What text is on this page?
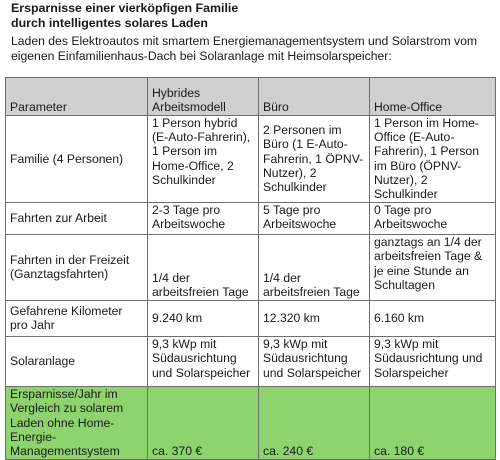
Ersparnisse einer vierköpfigen Familie
durch intelligentes solares Laden
Laden des Elektroautos mit smartem Energiemanagementsystem und Solarstrom vom
eigenen Einfamilienhaus-Dach bei Solaranlage mit Heimsolarspeicher:
Parameter	Hybrides Arbeitsmodell	Büro	Home-Office
Familie (4 Personen)	1 Person hybrid (E-Auto-Fahrerin), 1 Person im Home-Office, 2 Schulkinder	2 Personen im Büro (1 E-Auto-Fahrerin, 1 ÖPNV-Nutzer), 2 Schulkinder	1 Person im Home-Office (E-Auto-Fahrerin), 1 Person im Büro (ÖPNV-Nutzer), 2 Schulkinder
Fahrten zur Arbeit	2-3 Tage pro Arbeitswoche	5 Tage pro Arbeitswoche	0 Tage pro Arbeitswoche
Fahrten in der Freizeit (Ganztagsfahrten)	1/4 der arbeitsfreien Tage	1/4 der arbeitsfreien Tage	ganztags an 1/4 der arbeitsfreien Tage & je eine Stunde an Schultagen
Gefahrene Kilometer pro Jahr	9.240 km	12.320 km	6.160 km
Solaranlage	9,3 kWp mit Südausrichtung und Solarspeicher	9,3 kWp mit Südausrichtung und Solarspeicher	9,3 kWp mit Südausrichtung und Solarspeicher
Ersparnisse/Jahr im Vergleich zu solarem Laden ohne Home-Energie-Managementsystem	ca. 370 €	ca. 240 €	ca. 180 €
